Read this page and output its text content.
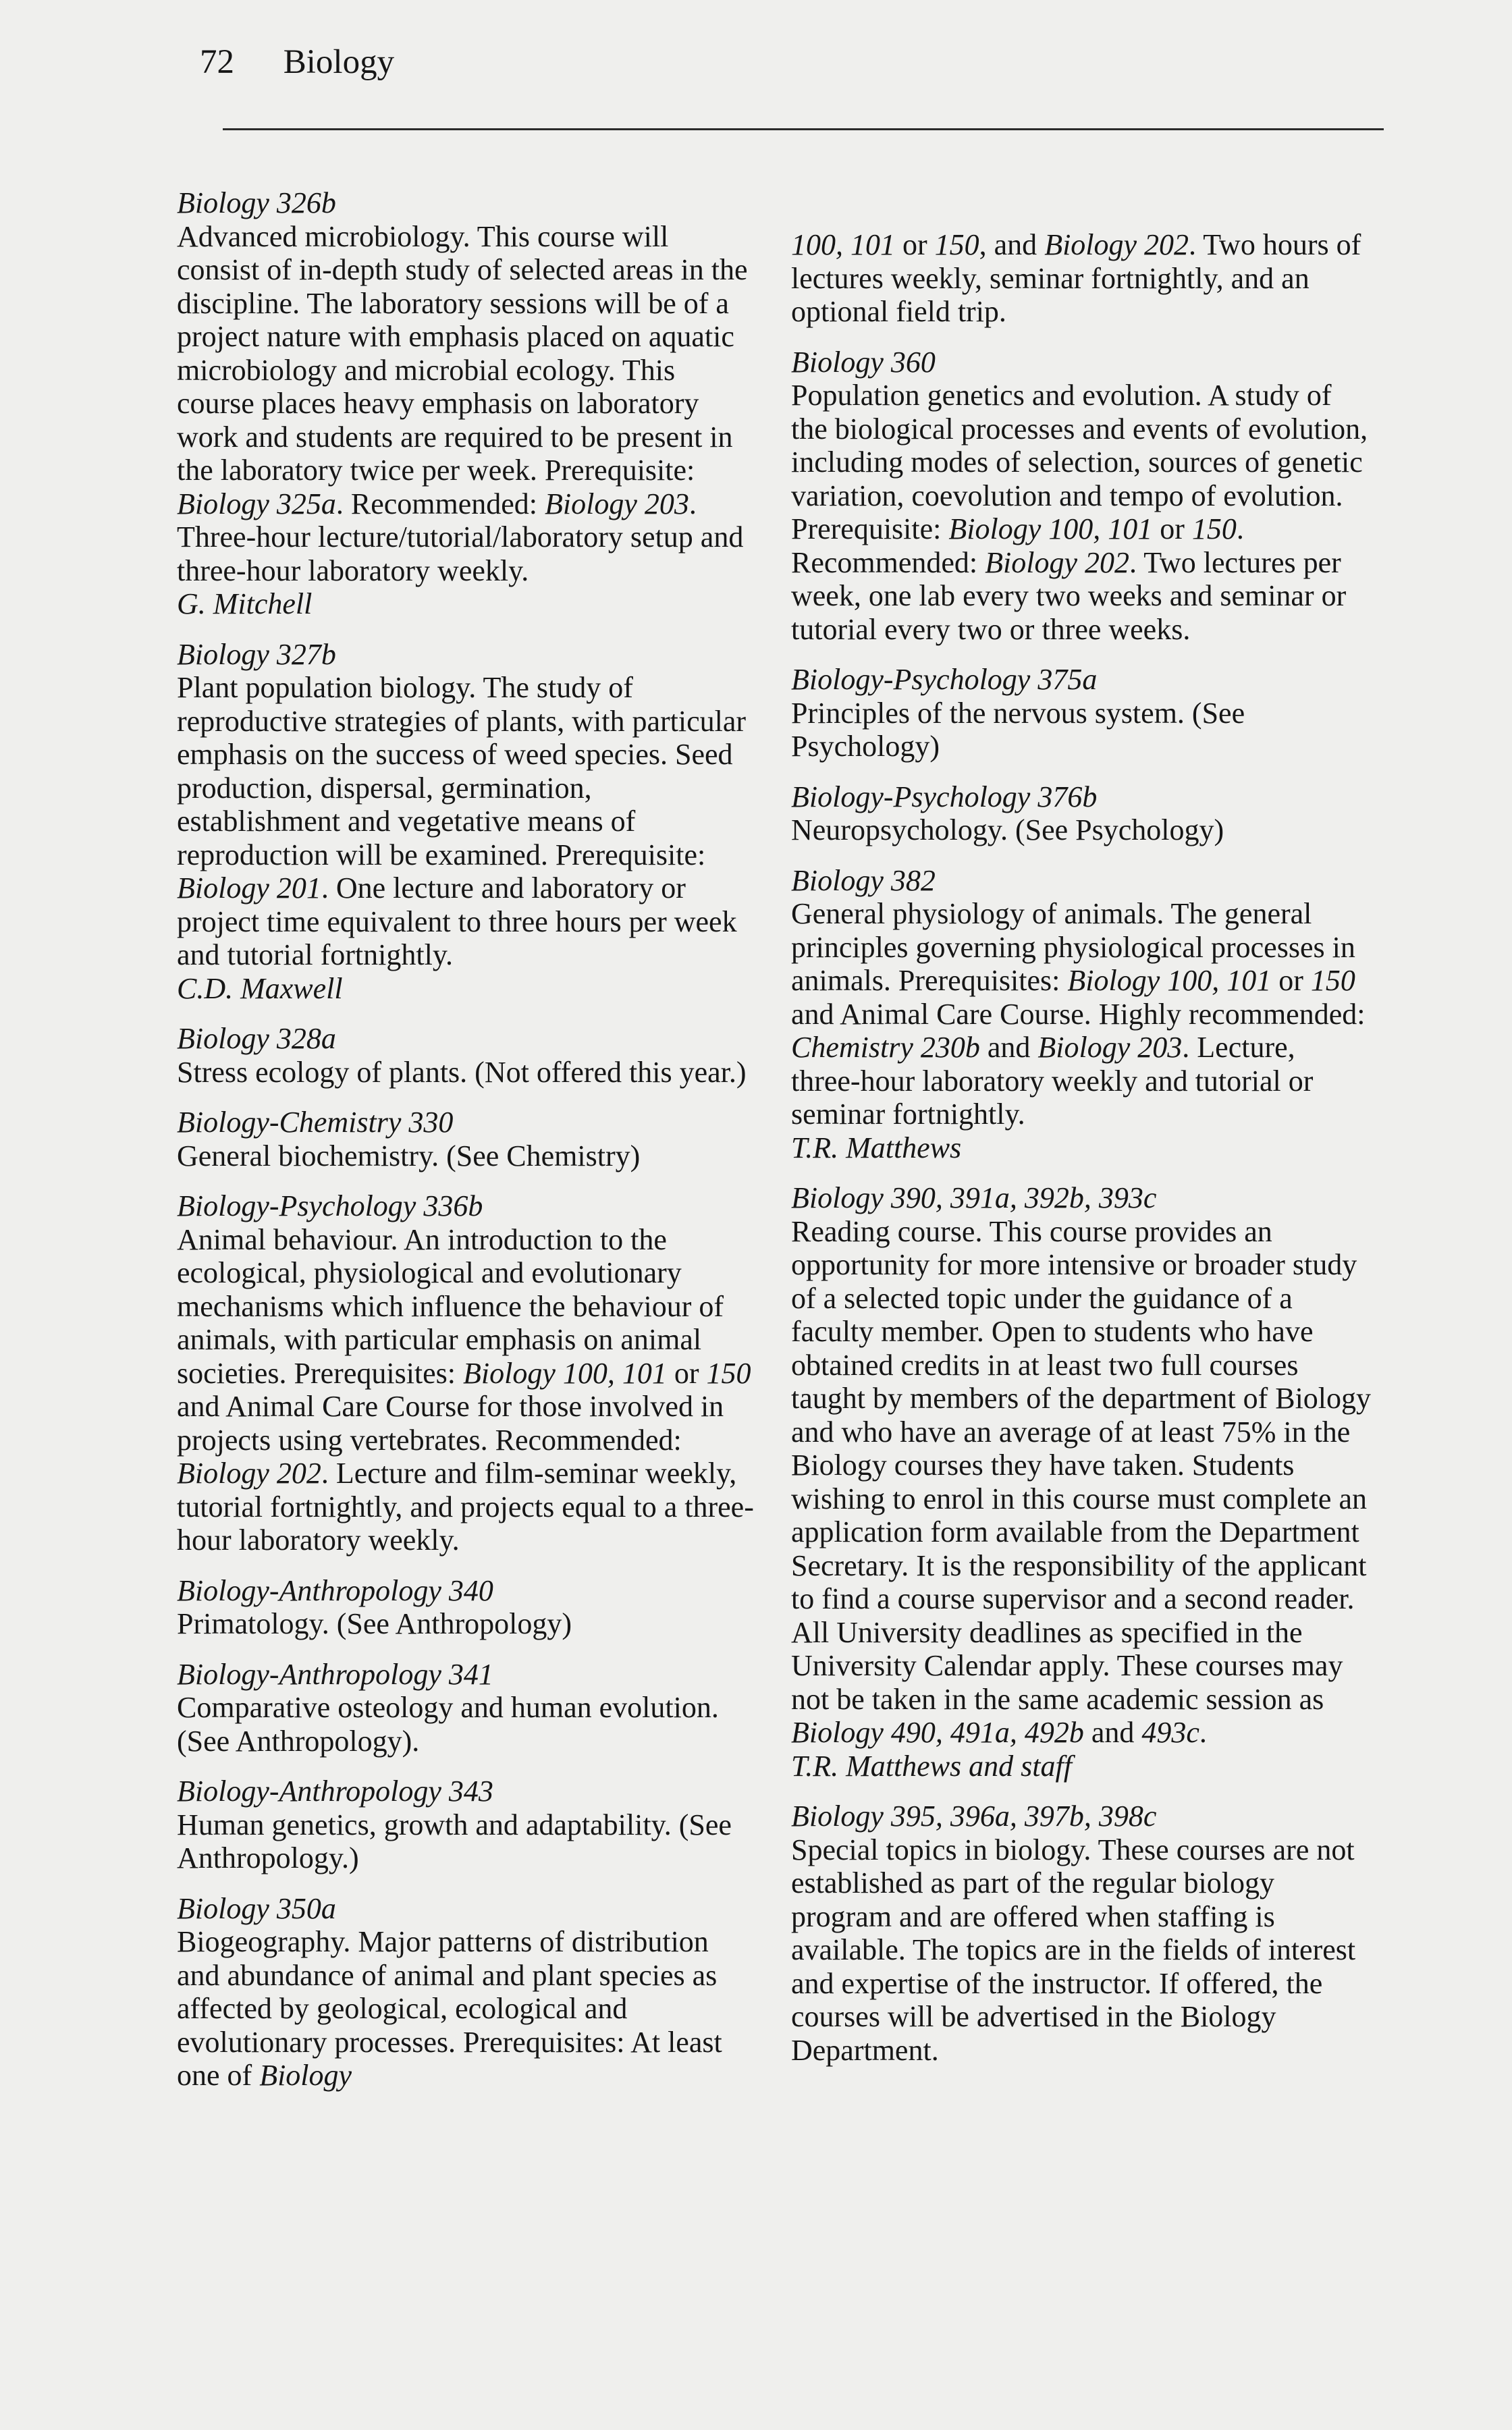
72 Biology
Biology 326b

Advanced microbiology. This course will consist of in-depth study of selected areas in the discipline. The laboratory sessions will be of a project nature with emphasis placed on aquatic microbiology and microbial ecology. This course places heavy emphasis on laboratory work and students are required to be present in the laboratory twice per week. Prerequisite: Biology 325a. Recommended: Biology 203. Three-hour lecture/tutorial/laboratory setup and three-hour laboratory weekly.

G. Mitchell
Biology 327b

Plant population biology. The study of reproductive strategies of plants, with particular emphasis on the success of weed species. Seed production, dispersal, germination, establishment and vegetative means of reproduction will be examined. Prerequisite: Biology 201. One lecture and laboratory or project time equivalent to three hours per week and tutorial fortnightly.

C.D. Maxwell
Biology 328a

Stress ecology of plants. (Not offered this year.)

Biology-Chemistry 330

General biochemistry. (See Chemistry)

Biology-Psychology 336b

Animal behaviour. An introduction to the ecological, physiological and evolutionary mechanisms which influence the behaviour of animals, with particular emphasis on animal societies. Prerequisites: Biology 100, 101 or 150 and Animal Care Course for those involved in projects using vertebrates. Recommended: Biology 202. Lecture and film-seminar weekly, tutorial fortnightly, and projects equal to a three-hour laboratory weekly.

Biology-Anthropology 340

Primatology. (See Anthropology)

Biology-Anthropology 341

Comparative osteology and human evolution. (See Anthropology).

Biology-Anthropology 343

Human genetics, growth and adaptability. (See Anthropology.)

Biology 350a

Biogeography. Major patterns of distribution and abundance of animal and plant species as affected by geological, ecological and evolutionary processes. Prerequisites: At least one of Biology

100, 101 or 150, and Biology 202. Two hours of lectures weekly, seminar fortnightly, and an optional field trip.

Biology 360

Population genetics and evolution. A study of the biological processes and events of evolution, including modes of selection, sources of genetic variation, coevolution and tempo of evolution. Prerequisite: Biology 100, 101 or 150. Recommended: Biology 202. Two lectures per week, one lab every two weeks and seminar or tutorial every two or three weeks.

Biology-Psychology 375a

Principles of the nervous system. (See Psychology)

Biology-Psychology 376b

Neuropsychology. (See Psychology)

Biology 382

General physiology of animals. The general principles governing physiological processes in animals. Prerequisites: Biology 100, 101 or 150 and Animal Care Course. Highly recommended: Chemistry 230b and Biology 203. Lecture, three-hour laboratory weekly and tutorial or seminar fortnightly.

T.R. Matthews
Biology 390, 391a, 392b, 393c

Reading course. This course provides an opportunity for more intensive or broader study of a selected topic under the guidance of a faculty member. Open to students who have obtained credits in at least two full courses taught by members of the department of Biology and who have an average of at least 75% in the Biology courses they have taken. Students wishing to enrol in this course must complete an application form available from the Department Secretary. It is the responsibility of the applicant to find a course supervisor and a second reader. All University deadlines as specified in the University Calendar apply. These courses may not be taken in the same academic session as Biology 490, 491a, 492b and 493c.

T.R. Matthews and staff
Biology 395, 396a, 397b, 398c

Special topics in biology. These courses are not established as part of the regular biology program and are offered when staffing is available. The topics are in the fields of interest and expertise of the instructor. If offered, the courses will be advertised in the Biology Department.
